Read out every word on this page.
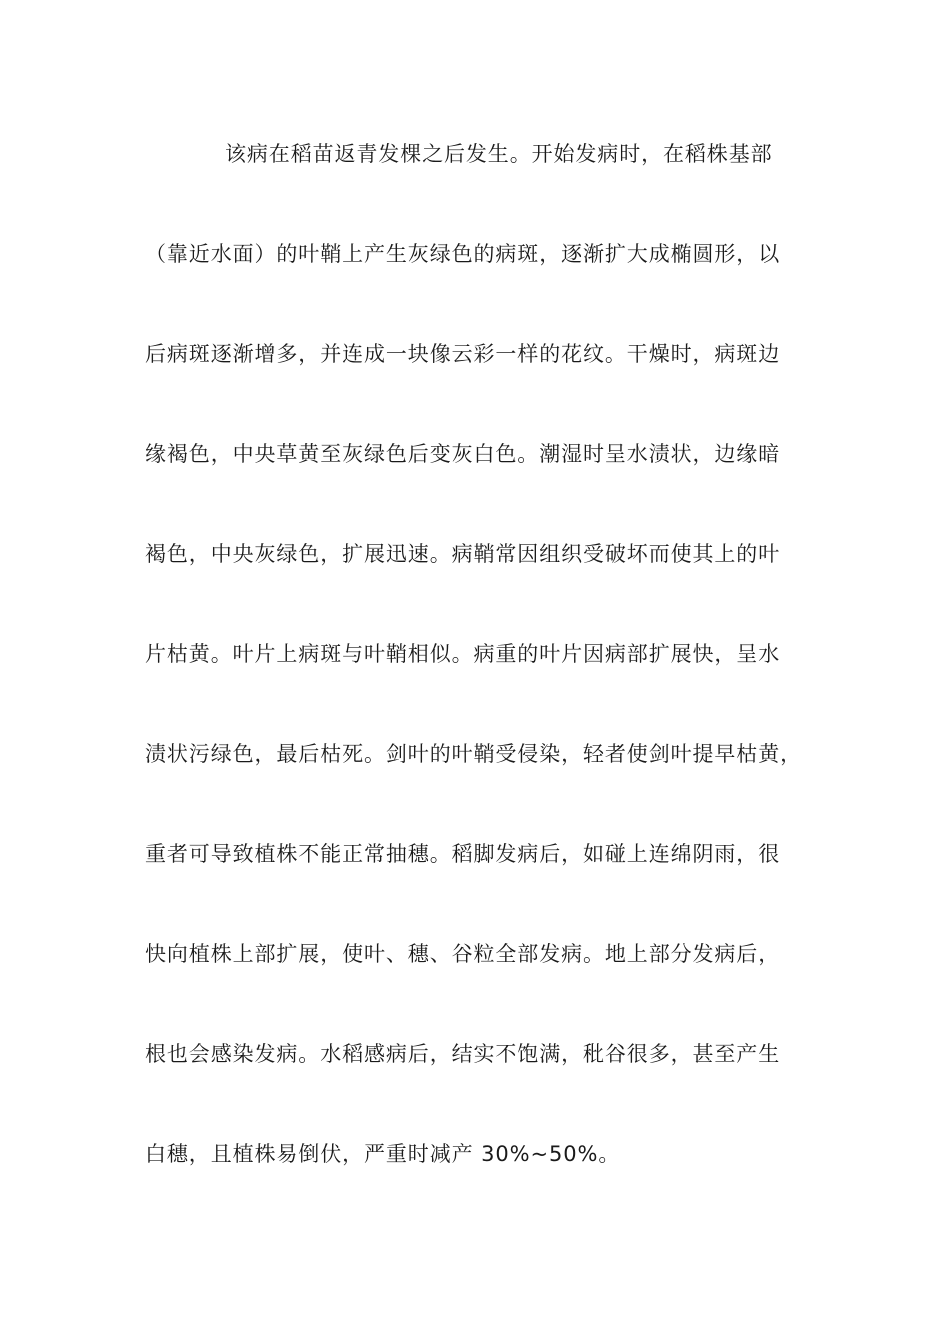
该病在稻苗返青发棵之后发生。开始发病时，在稻株基部
（靠近水面）的叶鞘上产生灰绿色的病斑，逐渐扩大成椭圆形，以
后病斑逐渐增多，并连成一块像云彩一样的花纹。干燥时，病斑边
缘褐色，中央草黄至灰绿色后变灰白色。潮湿时呈水渍状，边缘暗
褐色，中央灰绿色，扩展迅速。病鞘常因组织受破坏而使其上的叶
片枯黄。叶片上病斑与叶鞘相似。病重的叶片因病部扩展快，呈水
渍状污绿色，最后枯死。剑叶的叶鞘受侵染，轻者使剑叶提早枯黄，
重者可导致植株不能正常抽穗。稻脚发病后，如碰上连绵阴雨，很
快向植株上部扩展，使叶、穗、谷粒全部发病。地上部分发病后，
根也会感染发病。水稻感病后，结实不饱满，秕谷很多，甚至产生
白穗，且植株易倒伏，严重时减产 30%~50%。
